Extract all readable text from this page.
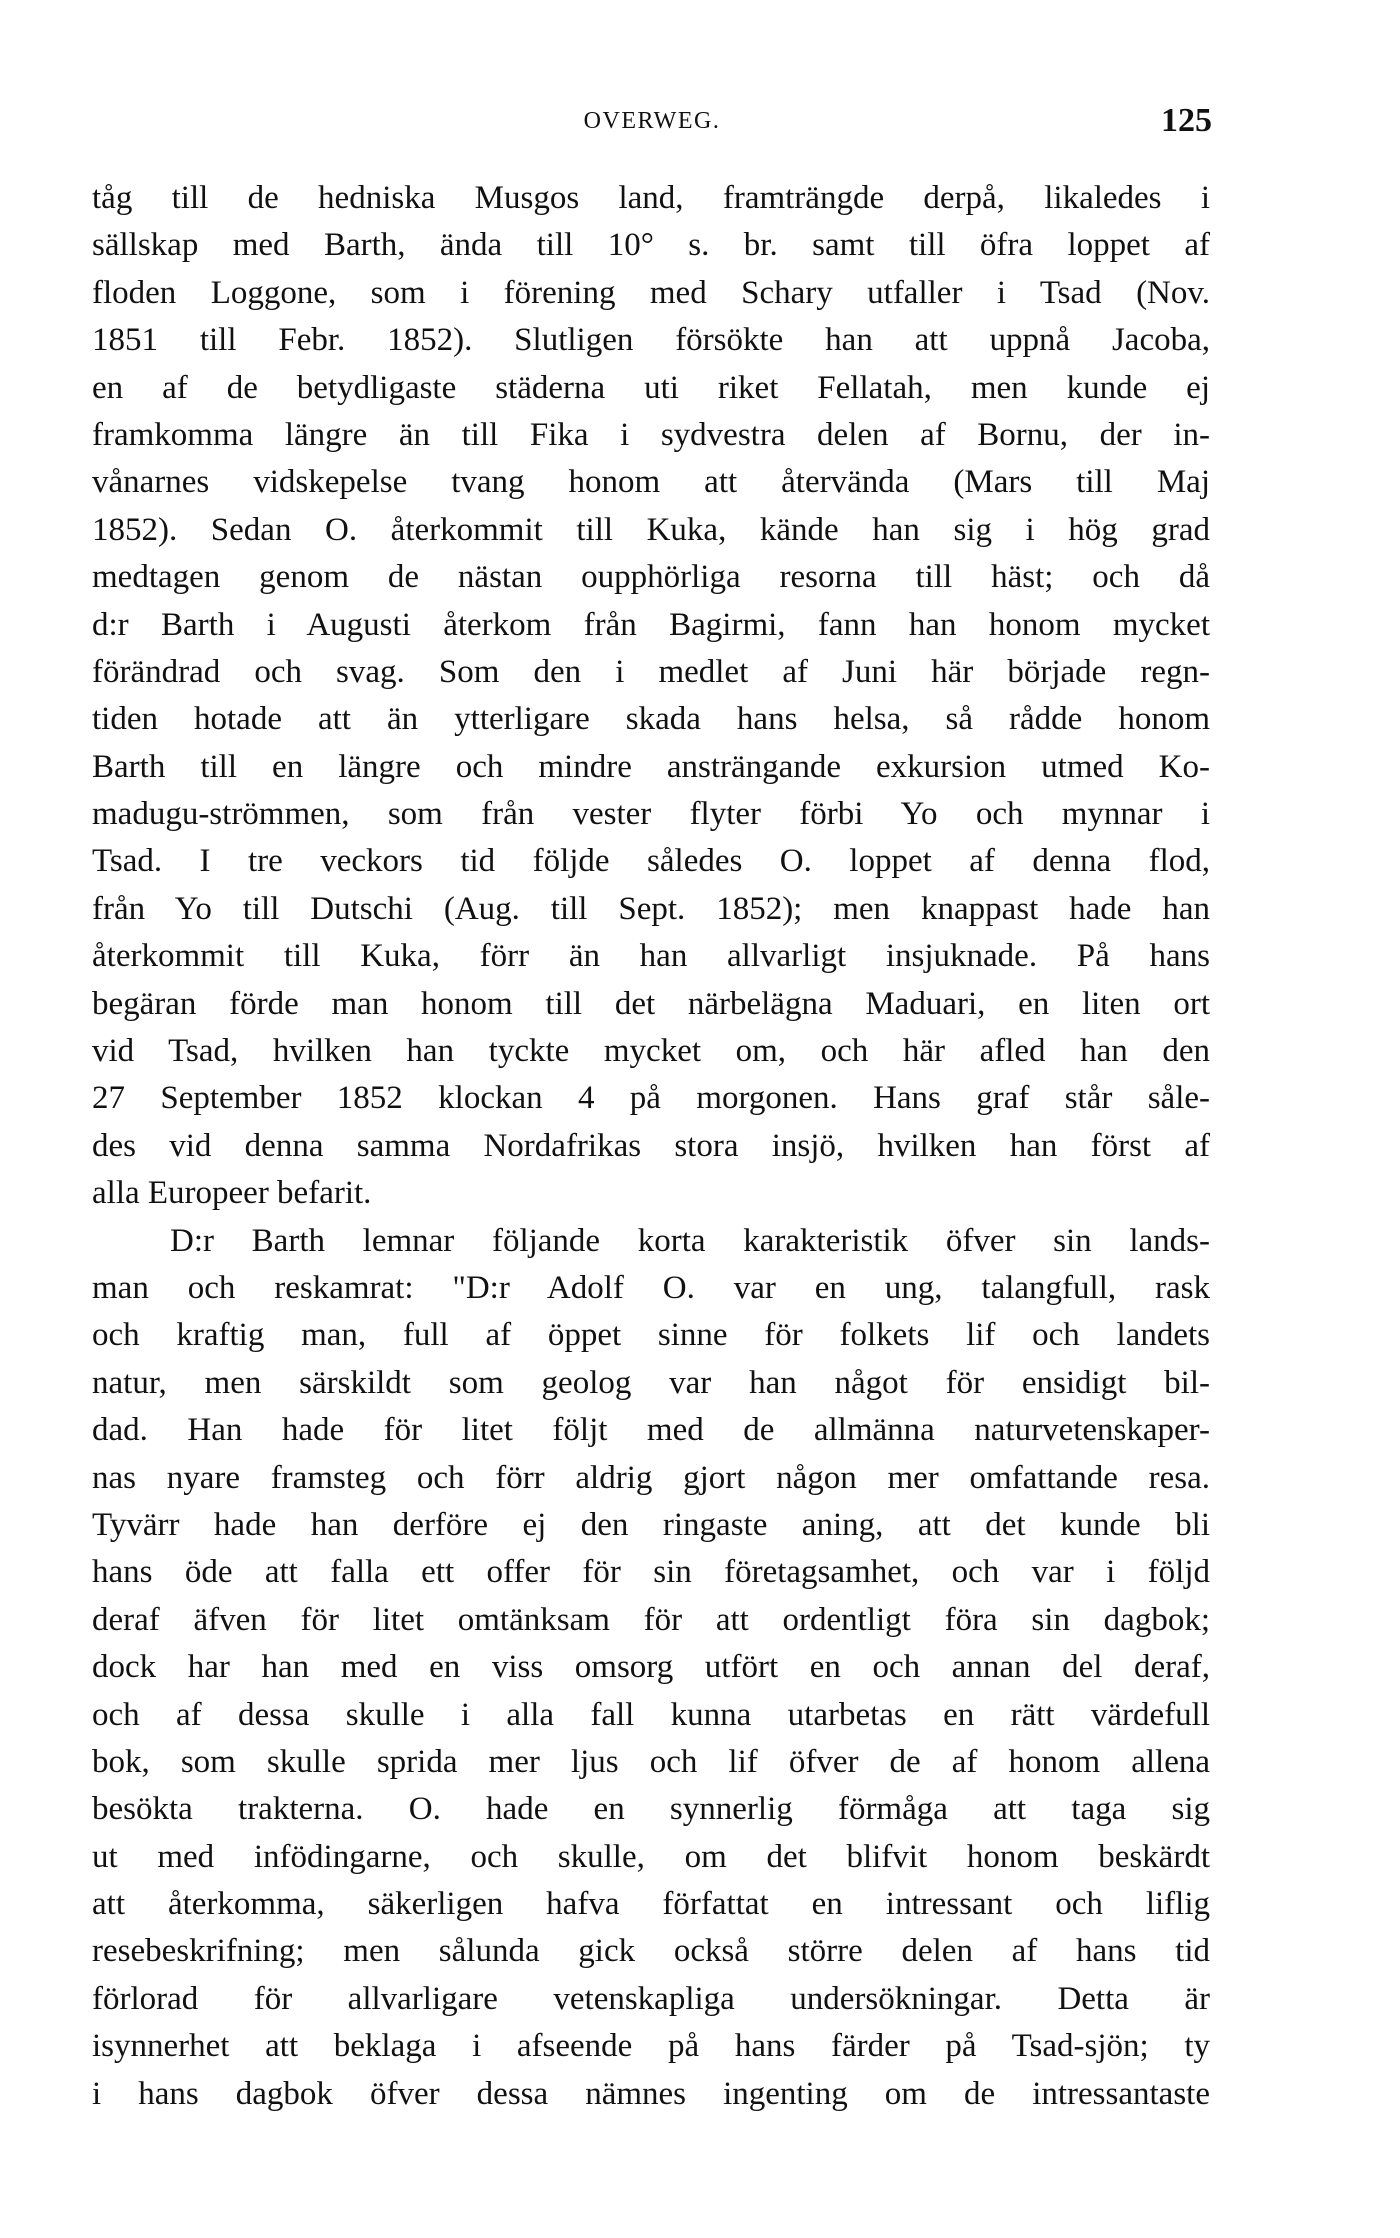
OVERWEG.	125
tåg till de hedniska Musgos land, framträngde derpå, likaledes i
sällskap med Barth, ända till 10° s. br. samt till öfra loppet af
floden Loggone, som i förening med Schary utfaller i Tsad (Nov.
1851 till Febr. 1852). Slutligen försökte han att uppnå Jacoba,
en af de betydligaste städerna uti riket Fellatah, men kunde ej
framkomma längre än till Fika i sydvestra delen af Bornu, der in-
vånarnes vidskepelse tvang honom att återvända (Mars till Maj
1852). Sedan O. återkommit till Kuka, kände han sig i hög grad
medtagen genom de nästan oupphörliga resorna till häst; och då
d:r Barth i Augusti återkom från Bagirmi, fann han honom mycket
förändrad och svag. Som den i medlet af Juni här började regn-
tiden hotade att än ytterligare skada hans helsa, så rådde honom
Barth till en längre och mindre ansträngande exkursion utmed Ko-
madugu-strömmen, som från vester flyter förbi Yo och mynnar i
Tsad. I tre veckors tid följde således O. loppet af denna flod,
från Yo till Dutschi (Aug. till Sept. 1852); men knappast hade han
återkommit till Kuka, förr än han allvarligt insjuknade. På hans
begäran förde man honom till det närbelägna Maduari, en liten ort
vid Tsad, hvilken han tyckte mycket om, och här afled han den
27 September 1852 klockan 4 på morgonen. Hans graf står såle-
des vid denna samma Nordafrikas stora insjö, hvilken han först af
alla Europeer befarit.
D:r Barth lemnar följande korta karakteristik öfver sin lands-
man och reskamrat: "D:r Adolf O. var en ung, talangfull, rask
och kraftig man, full af öppet sinne för folkets lif och landets
natur, men särskildt som geolog var han något för ensidigt bil-
dad. Han hade för litet följt med de allmänna naturvetenskaper-
nas nyare framsteg och förr aldrig gjort någon mer omfattande resa.
Tyvärr hade han derföre ej den ringaste aning, att det kunde bli
hans öde att falla ett offer för sin företagsamhet, och var i följd
deraf äfven för litet omtänksam för att ordentligt föra sin dagbok;
dock har han med en viss omsorg utfört en och annan del deraf,
och af dessa skulle i alla fall kunna utarbetas en rätt värdefull
bok, som skulle sprida mer ljus och lif öfver de af honom allena
besökta trakterna. O. hade en synnerlig förmåga att taga sig
ut med infödingarne, och skulle, om det blifvit honom beskärdt
att återkomma, säkerligen hafva författat en intressant och liflig
resebeskrifning; men sålunda gick också större delen af hans tid
förlorad för allvarligare vetenskapliga undersökningar. Detta är
isynnerhet att beklaga i afseende på hans färder på Tsad-sjön; ty
i hans dagbok öfver dessa nämnes ingenting om de intressantaste
